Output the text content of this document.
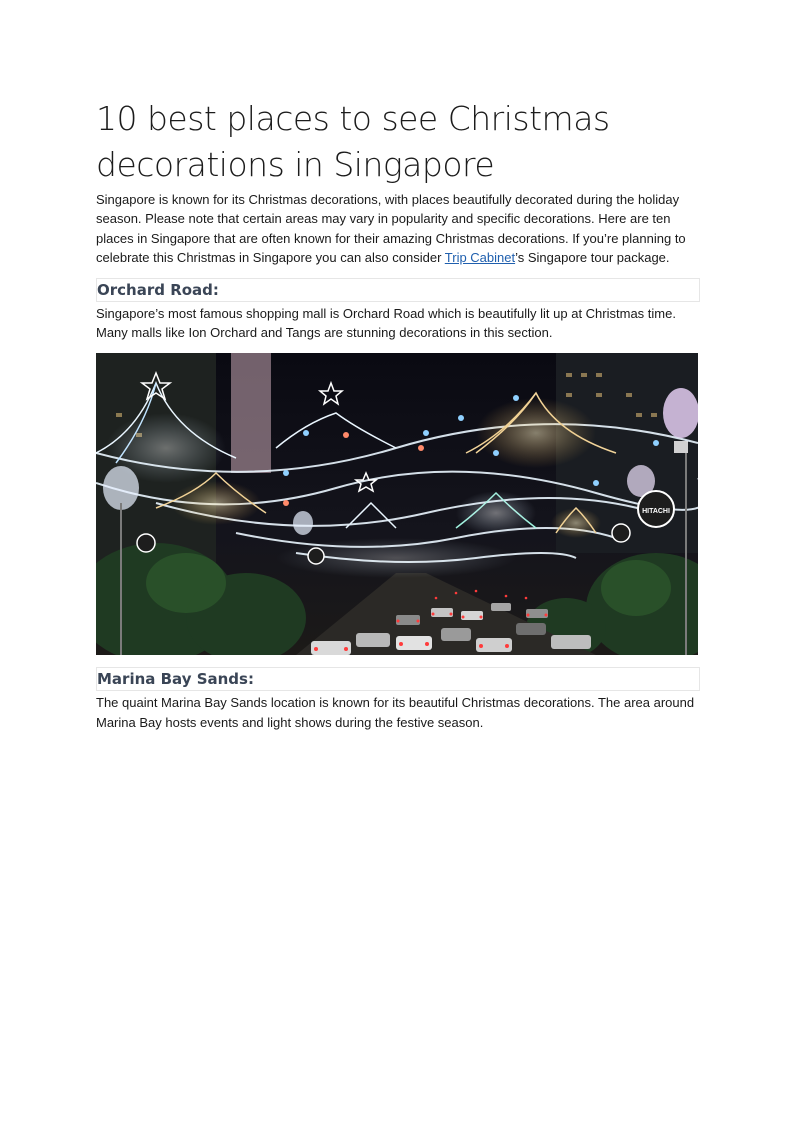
10 best places to see Christmas
decorations in Singapore

Singapore is known for its Christmas decorations, with places beautifully decorated during the holiday season. Please note that certain areas may vary in popularity and specific decorations. Here are ten places in Singapore that are often known for their amazing Christmas decorations. If you’re planning to celebrate this Christmas in Singapore you can also consider Trip Cabinet’s Singapore tour package.

Orchard Road:

Singapore’s most famous shopping mall is Orchard Road which is beautifully lit up at Christmas time. Many malls like Ion Orchard and Tangs are stunning decorations in this section.

HITACHI
Marina Bay Sands:

The quaint Marina Bay Sands location is known for its beautiful Christmas decorations. The area around Marina Bay hosts events and light shows during the festive season.
